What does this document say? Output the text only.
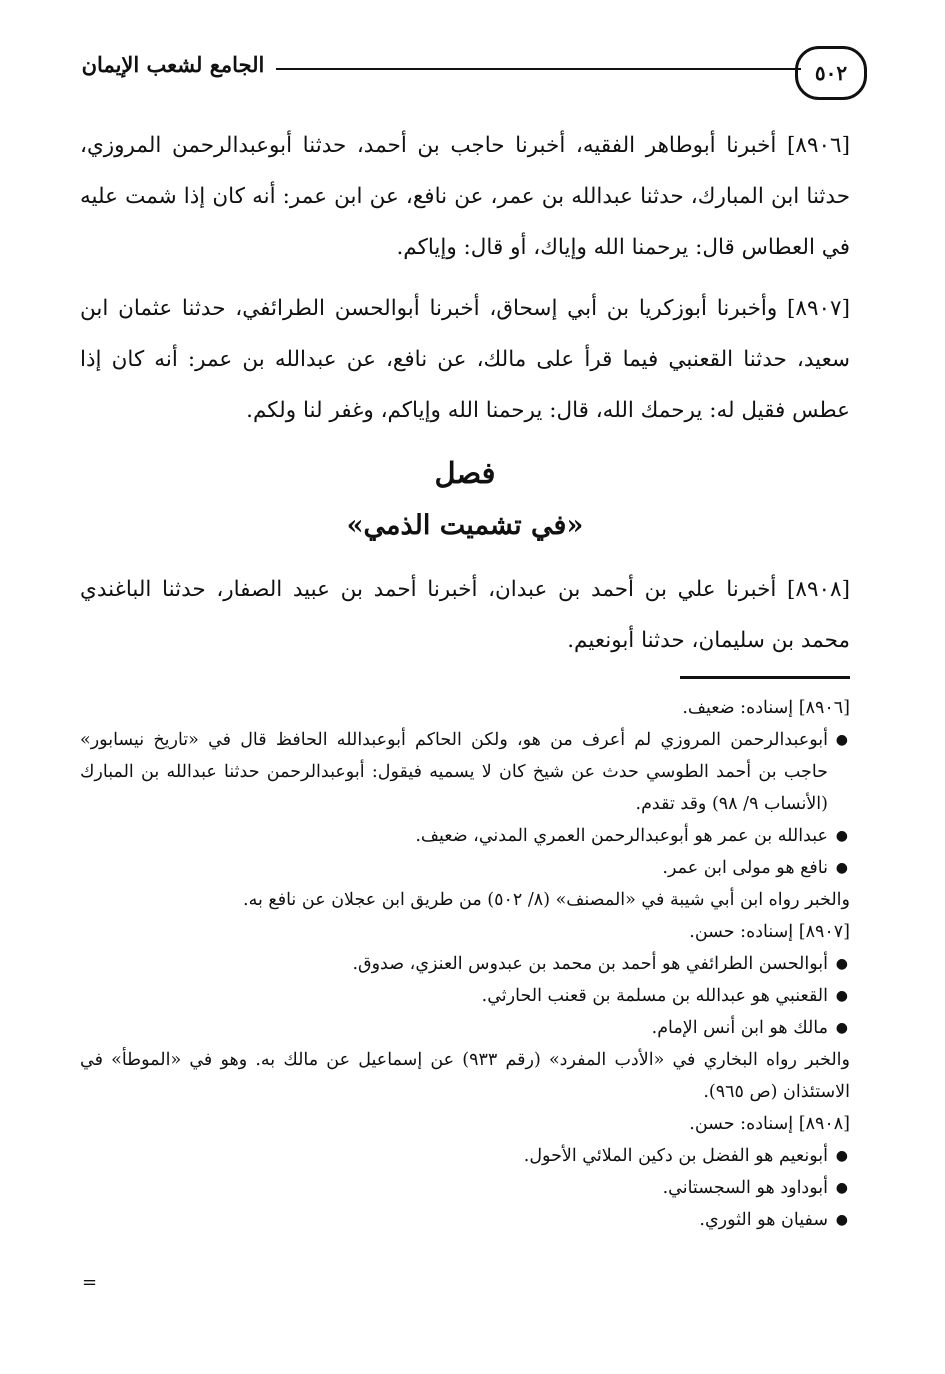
٥٠٢
الجامع لشعب الإيمان

[٨٩٠٦] أخبرنا أبوطاهر الفقيه، أخبرنا حاجب بن أحمد، حدثنا أبوعبدالرحمن المروزي، حدثنا ابن المبارك، حدثنا عبدالله بن عمر، عن نافع، عن ابن عمر: أنه كان إذا شمت عليه في العطاس قال: يرحمنا الله وإياك، أو قال: وإياكم.

[٨٩٠٧] وأخبرنا أبوزكريا بن أبي إسحاق، أخبرنا أبوالحسن الطرائفي، حدثنا عثمان ابن سعيد، حدثنا القعنبي فيما قرأ على مالك، عن نافع، عن عبدالله بن عمر: أنه كان إذا عطس فقيل له: يرحمك الله، قال: يرحمنا الله وإياكم، وغفر لنا ولكم.

فصل
«في تشميت الذمي»

[٨٩٠٨] أخبرنا علي بن أحمد بن عبدان، أخبرنا أحمد بن عبيد الصفار، حدثنا الباغندي محمد بن سليمان، حدثنا أبونعيم.

[٨٩٠٦] إسناده: ضعيف.

●
أبوعبدالرحمن المروزي لم أعرف من هو، ولكن الحاكم أبوعبدالله الحافظ قال في «تاريخ نيسابور» حاجب بن أحمد الطوسي حدث عن شيخ كان لا يسميه فيقول: أبوعبدالرحمن حدثنا عبدالله بن المبارك (الأنساب ٩/ ٩٨) وقد تقدم.
●
عبدالله بن عمر هو أبوعبدالرحمن العمري المدني، ضعيف.
●
نافع هو مولى ابن عمر.

والخبر رواه ابن أبي شيبة في «المصنف» (٨/ ٥٠٢) من طريق ابن عجلان عن نافع به.

[٨٩٠٧] إسناده: حسن.

●
أبوالحسن الطرائفي هو أحمد بن محمد بن عبدوس العنزي، صدوق.
●
القعنبي هو عبدالله بن مسلمة بن قعنب الحارثي.
●
مالك هو ابن أنس الإمام.

والخبر رواه البخاري في «الأدب المفرد» (رقم ٩٣٣) عن إسماعيل عن مالك به. وهو في «الموطأ» في الاستئذان (ص ٩٦٥).

[٨٩٠٨] إسناده: حسن.

●
أبونعيم هو الفضل بن دكين الملائي الأحول.
●
أبوداود هو السجستاني.
●
سفيان هو الثوري.
=
